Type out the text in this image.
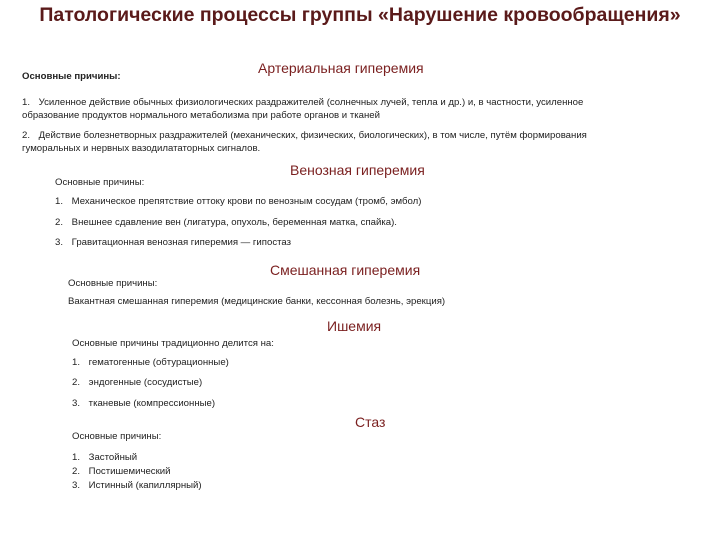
Патологические процессы группы «Нарушение кровообращения»
Артериальная гиперемия
Основные причины:
1. Усиленное действие обычных физиологических раздражителей (солнечных лучей, тепла и др.) и, в частности, усиленное образование продуктов нормального метаболизма при работе органов и тканей
2. Действие болезнетворных раздражителей (механических, физических, биологических), в том числе, путём формирования гуморальных и нервных вазодилататорных сигналов.
Венозная гиперемия
Основные причины:
1. Механическое препятствие оттоку крови по венозным сосудам (тромб, эмбол)
2. Внешнее сдавление вен (лигатура, опухоль, беременная матка, спайка).
3. Гравитационная венозная гиперемия — гипостаз
Смешанная гиперемия
Основные причины:
Вакантная смешанная гиперемия (медицинские банки, кессонная болезнь, эрекция)
Ишемия
Основные причины традиционно делится на:
1. гематогенные (обтурационные)
2. эндогенные (сосудистые)
3. тканевые (компрессионные)
Стаз
Основные причины:
1. Застойный
2. Постишемический
3. Истинный (капиллярный)
